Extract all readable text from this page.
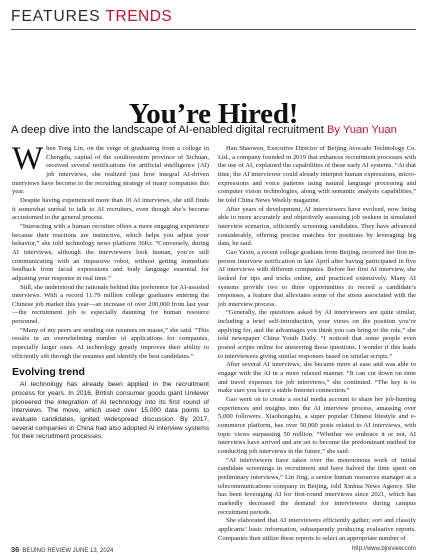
FEATURES TRENDS
You’re Hired!
A deep dive into the landscape of AI-enabled digital recruitment By Yuan Yuan

When Tong Lin, on the verge of graduating from a college in Chengdu, capital of the southwestern province of Sichuan, received several notifications for artificial intelligence (AI) job interviews, she realized just how integral AI-driven interviews have become to the recruiting strategy of many companies this year.

Despite having experienced more than 10 AI interviews, she still finds it somewhat surreal to talk to AI recruiters, even though she’s become accustomed to the general process.

“Interacting with a human recruiter offers a more engaging experience because their reactions are instinctive, which helps you adjust your behavior,” she told technology news platform 36Kr. “Conversely, during AI interviews, although the interviewers look human, you’re still communicating with an impassive robot, without getting immediate feedback from facial expressions and body language essential for adjusting your response in real time.”

Still, she understood the rationale behind this preference for AI-assisted interviews. With a record 11.79 million college graduates entering the Chinese job market this year—an increase of over 200,000 from last year—the recruitment job is especially daunting for human resource personnel.

“Many of my peers are sending out resumes en masse,” she said. “This results in an overwhelming number of applications for companies, especially larger ones. AI technology greatly improves their ability to efficiently sift through the resumes and identify the best candidates.”

Evolving trend

AI technology has already been applied in the recruitment process for years. In 2016, British consumer goods giant Unilever pioneered the integration of AI technology into its first round of interviews. The move, which used over 15,000 data points to evaluate candidates, ignited widespread discussion. By 2017, several companies in China had also adopted AI interview systems for their recruitment processes.

Han Shaowen, Executive Director of Beijing Avocado Technology Co. Ltd., a company founded in 2019 that enhances recruitment processes with the use of AI, explained the capabilities of these early AI systems. “At that time, the AI interviewer could already interpret human expressions, micro-expressions and voice patterns using natural language processing and computer vision technologies, along with semantic analysis capabilities,” he told China News Weekly magazine.

After years of development, AI interviewers have evolved, now being able to more accurately and objectively assessing job seekers in simulated interview scenarios, efficiently screening candidates. They have advanced considerably, offering precise matches for positions by leveraging big data, he said.

Gao Yaxin, a recent college graduate from Beijing, received her first in-person interview notification in late April after having participated in five AI interviews with different companies. Before her first AI interview, she looked for tips and tricks online, and practiced extensively. Many AI systems provide two to three opportunities to record a candidate’s responses, a feature that alleviates some of the stress associated with the job interview process.

“Generally, the questions asked by AI interviewers are quite similar, including a brief self-introduction, your views on the position you’re applying for, and the advantages you think you can bring to the role,” she told newspaper China Youth Daily. “I noticed that some people even posted scripts online for answering these questions. I wonder if this leads to interviewees giving similar responses based on similar scripts.”

After several AI interviews, she became more at ease and was able to engage with the AI in a more relaxed manner. “It can cut down on time and travel expenses for job interviews,” she continued. “The key is to make sure you have a stable Internet connection.”

Gao went on to create a social media account to share her job-hunting experiences and insights into the AI interview process, amassing over 5,000 followers. Xiaohongshu, a super popular Chinese lifestyle and e-commerce platform, has over 50,000 posts related to AI interviews, with topic views surpassing 50 million. “Whether we embrace it or not, AI interviews have arrived and are set to become the predominant method for conducting job interviews in the future,” she said.

“AI interviewers have taken over the monotonous work of initial candidate screenings in recruitment and have halved the time spent on preliminary interviews,” Lin Jing, a senior human resources manager at a telecommunications company in Beijing, told Xinhua News Agency. She has been leveraging AI for first-round interviews since 2021, which has markedly decreased the demand for interviewers during campus recruitment periods.

She elaborated that AI interviewers efficiently gather, sort and classify applicants’ basic information, subsequently producing evaluative reports. Companies then utilize these reports to select an appropriate number of

36 BEIJING REVIEW JUNE 13, 2024	http://www.bjreview.com
